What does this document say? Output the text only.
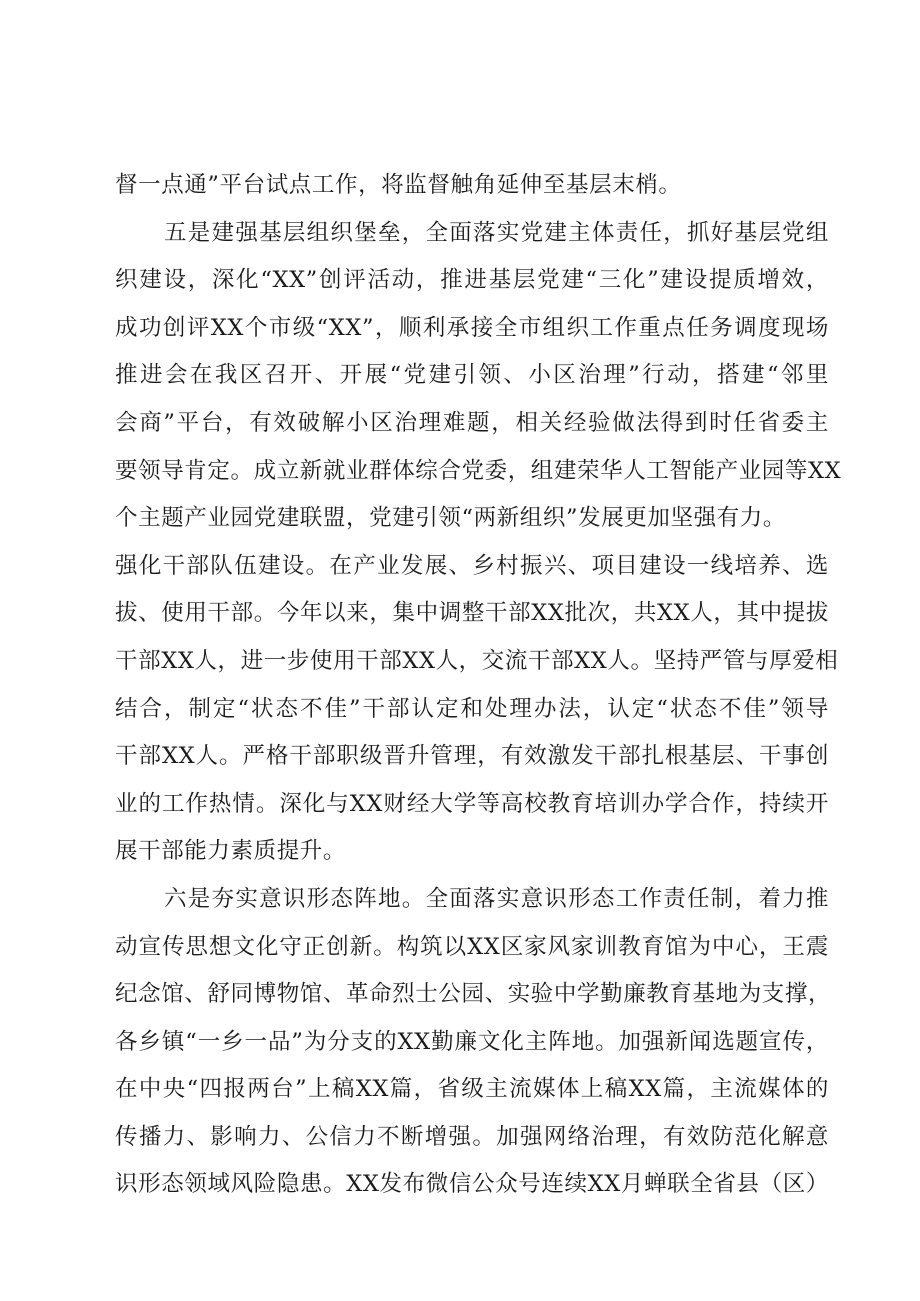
督一点通”平台试点工作，将监督触角延伸至基层末梢。
五是建强基层组织堡垒，全面落实党建主体责任，抓好基层党组
织建设，深化“XX”创评活动，推进基层党建“三化”建设提质增效，
成功创评XX个市级“XX”，顺利承接全市组织工作重点任务调度现场
推进会在我区召开、开展“党建引领、小区治理”行动，搭建“邻里
会商”平台，有效破解小区治理难题，相关经验做法得到时任省委主
要领导肯定。成立新就业群体综合党委，组建荣华人工智能产业园等XX
个主题产业园党建联盟，党建引领“两新组织”发展更加坚强有力。
强化干部队伍建设。在产业发展、乡村振兴、项目建设一线培养、选
拔、使用干部。今年以来，集中调整干部XX批次，共XX人，其中提拔
干部XX人，进一步使用干部XX人，交流干部XX人。坚持严管与厚爱相
结合，制定“状态不佳”干部认定和处理办法，认定“状态不佳”领导
干部XX人。严格干部职级晋升管理，有效激发干部扎根基层、干事创
业的工作热情。深化与XX财经大学等高校教育培训办学合作，持续开
展干部能力素质提升。
六是夯实意识形态阵地。全面落实意识形态工作责任制，着力推
动宣传思想文化守正创新。构筑以XX区家风家训教育馆为中心，王震
纪念馆、舒同博物馆、革命烈士公园、实验中学勤廉教育基地为支撑，
各乡镇“一乡一品”为分支的XX勤廉文化主阵地。加强新闻选题宣传，
在中央“四报两台”上稿XX篇，省级主流媒体上稿XX篇，主流媒体的
传播力、影响力、公信力不断增强。加强网络治理，有效防范化解意
识形态领域风险隐患。XX发布微信公众号连续XX月蝉联全省县（区）
